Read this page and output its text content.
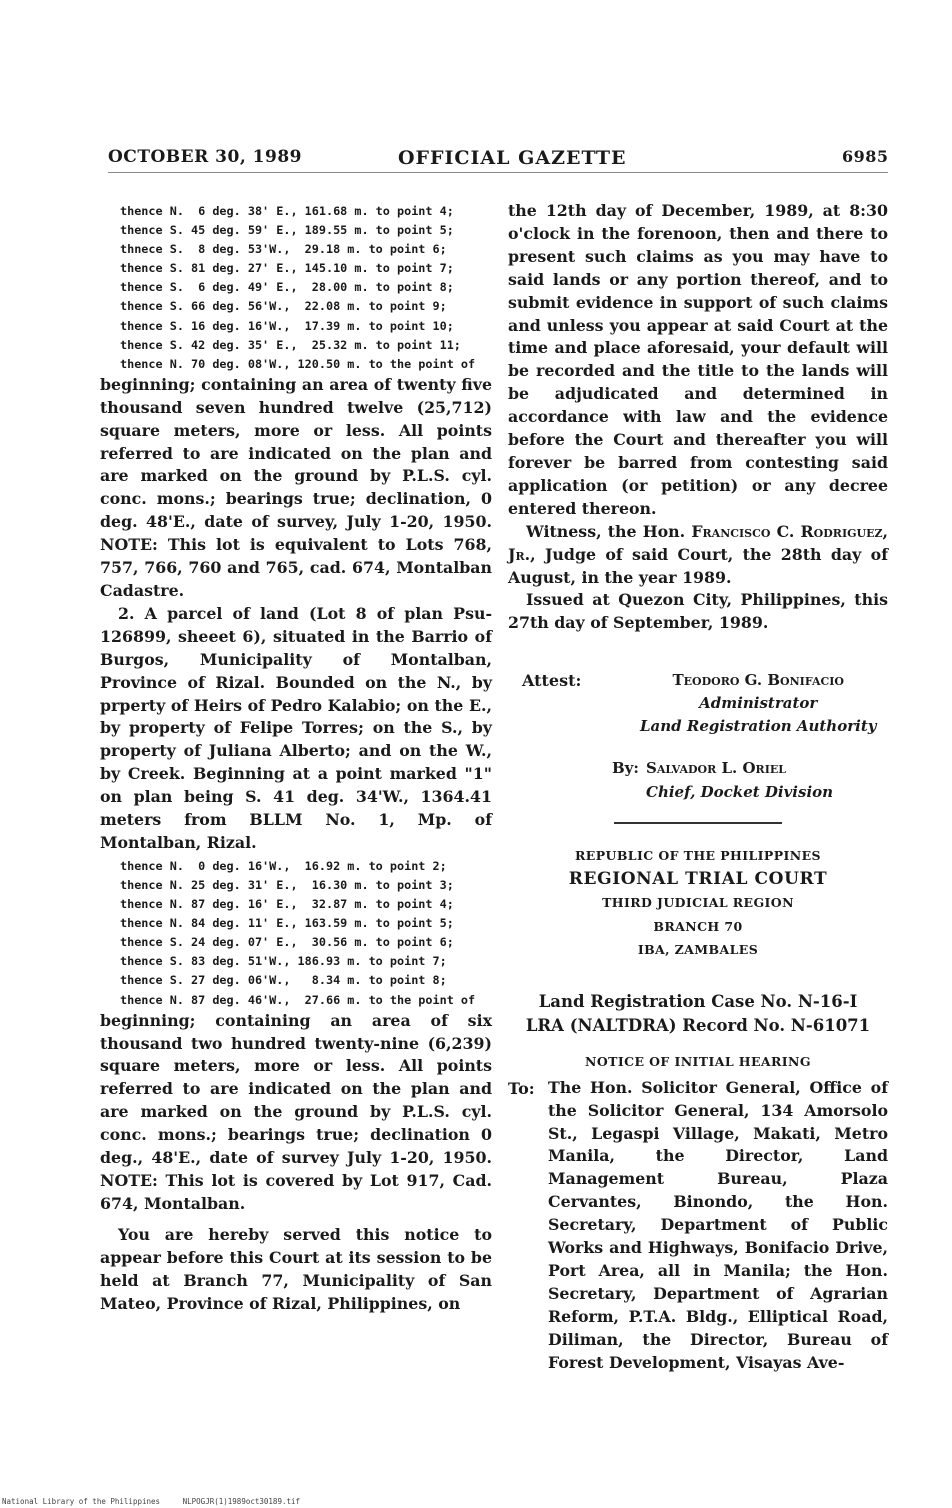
OCTOBER 30, 1989	OFFICIAL GAZETTE	6985
thence N.  6 deg. 38' E., 161.68 m. to point 4;
thence S. 45 deg. 59' E., 189.55 m. to point 5;
thnece S.  8 deg. 53'W.,  29.18 m. to point 6;
thence S. 81 deg. 27' E., 145.10 m. to point 7;
thence S.  6 deg. 49' E.,  28.00 m. to point 8;
thence S. 66 deg. 56'W.,  22.08 m. to point 9;
thence S. 16 deg. 16'W.,  17.39 m. to point 10;
thence S. 42 deg. 35' E.,  25.32 m. to point 11;
thence N. 70 deg. 08'W., 120.50 m. to the point of

beginning; containing an area of twenty five thousand seven hundred twelve (25,712) square meters, more or less. All points referred to are indicated on the plan and are marked on the ground by P.L.S. cyl. conc. mons.; bearings true; declination, 0 deg. 48'E., date of survey, July 1-20, 1950. NOTE: This lot is equivalent to Lots 768, 757, 766, 760 and 765, cad. 674, Montalban Cadastre.

2. A parcel of land (Lot 8 of plan Psu-126899, sheeet 6), situated in the Barrio of Burgos, Municipality of Montalban, Province of Rizal. Bounded on the N., by prperty of Heirs of Pedro Kalabio; on the E., by property of Felipe Torres; on the S., by property of Juliana Alberto; and on the W., by Creek. Beginning at a point marked "1" on plan being S. 41 deg. 34'W., 1364.41 meters from BLLM No. 1, Mp. of Montalban, Rizal.

thence N.  0 deg. 16'W.,  16.92 m. to point 2;
thence N. 25 deg. 31' E.,  16.30 m. to point 3;
thence N. 87 deg. 16' E.,  32.87 m. to point 4;
thence N. 84 deg. 11' E., 163.59 m. to point 5;
thence S. 24 deg. 07' E.,  30.56 m. to point 6;
thence S. 83 deg. 51'W., 186.93 m. to point 7;
thence S. 27 deg. 06'W.,   8.34 m. to point 8;
thence N. 87 deg. 46'W.,  27.66 m. to the point of

beginning; containing an area of six thousand two hundred twenty-nine (6,239) square meters, more or less. All points referred to are indicated on the plan and are marked on the ground by P.L.S. cyl. conc. mons.; bearings true; declination 0 deg., 48'E., date of survey July 1-20, 1950. NOTE: This lot is covered by Lot 917, Cad. 674, Montalban.

You are hereby served this notice to appear before this Court at its session to be held at Branch 77, Municipality of San Mateo, Province of Rizal, Philippines, on

the 12th day of December, 1989, at 8:30 o'clock in the forenoon, then and there to present such claims as you may have to said lands or any portion thereof, and to submit evidence in support of such claims and unless you appear at said Court at the time and place aforesaid, your default will be recorded and the title to the lands will be adjudicated and determined in accordance with law and the evidence before the Court and thereafter you will forever be barred from contesting said application (or petition) or any decree entered thereon.

Witness, the Hon. Francisco C. Rodriguez, Jr., Judge of said Court, the 28th day of August, in the year 1989.

Issued at Quezon City, Philippines, this 27th day of September, 1989.

Attest:	Teodoro G. Bonifacio
Administrator
Land Registration Authority
By: Salvador L. Oriel
Chief, Docket Division
REPUBLIC OF THE PHILIPPINES
REGIONAL TRIAL COURT
THIRD JUDICIAL REGION
BRANCH 70
IBA, ZAMBALES
Land Registration Case No. N-16-I
LRA (NALTDRA) Record No. N-61071
NOTICE OF INITIAL HEARING
To: The Hon. Solicitor General, Office of the Solicitor General, 134 Amorsolo St., Legaspi Village, Makati, Metro Manila, the Director, Land Management Bureau, Plaza Cervantes, Binondo, the Hon. Secretary, Department of Public Works and Highways, Bonifacio Drive, Port Area, all in Manila; the Hon. Secretary, Department of Agrarian Reform, P.T.A. Bldg., Elliptical Road, Diliman, the Director, Bureau of Forest Development, Visayas Ave-

National Library of the Philippines	NLPOGJR(1)1989oct30189.tif
